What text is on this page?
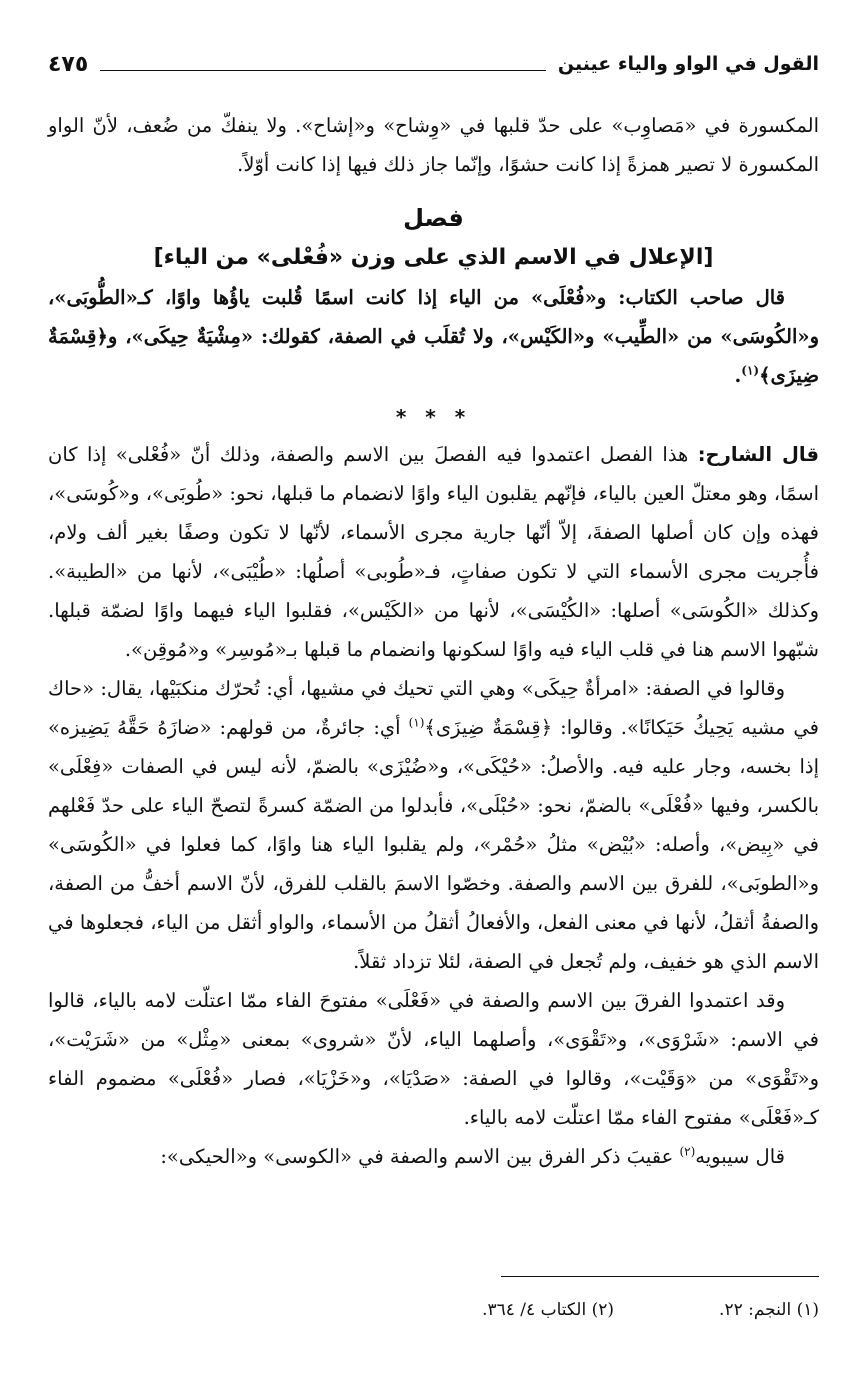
القول في الواو والياء عينين
٤٧٥

المكسورة في «مَصاوِب» على حدّ قلبها في «وِشاح» و«إشاح». ولا ينفكّ من ضُعف، لأنّ الواو المكسورة لا تصير همزةً إذا كانت حشوًا، وإنّما جاز ذلك فيها إذا كانت أوّلاً.

فصل
[الإعلال في الاسم الذي على وزن «فُعْلى» من الياء]

قال صاحب الكتاب: و«فُعْلَى» من الياء إذا كانت اسمًا قُلبت ياؤُها واوًا، كـ«الطُّوبَى»، و«الكُوسَى» من «الطِّيب» و«الكَيْس»، ولا تُقلَب في الصفة، كقولك: «مِشْيَةٌ حِيكَى»، و﴿قِسْمَةٌ ضِيزَى﴾$^{(١)}$.

* * *

قال الشارح: هذا الفصل اعتمدوا فيه الفصلَ بين الاسم والصفة، وذلك أنّ «فُعْلى» إذا كان اسمًا، وهو معتلّ العين بالياء، فإنّهم يقلبون الياء واوًا لانضمام ما قبلها، نحو: «طُوبَى»، و«كُوسَى»، فهذه وإن كان أصلها الصفةَ، إلاّ أنّها جارية مجرى الأسماء، لأنّها لا تكون وصفًا بغير ألف ولام، فأُجريت مجرى الأسماء التي لا تكون صفاتٍ، فـ«طُوبى» أصلُها: «طُيْبَى»، لأنها من «الطيبة». وكذلك «الكُوسَى» أصلها: «الكُيْسَى»، لأنها من «الكَيْس»، فقلبوا الياء فيهما واوًا لضمّة قبلها. شبّهوا الاسم هنا في قلب الياء فيه واوًا لسكونها وانضمام ما قبلها بـ«مُوسِر» و«مُوقِن».

وقالوا في الصفة: «امرأةٌ حِيكَى» وهي التي تحيك في مشيها، أي: تُحرّك منكبَيْها، يقال: «حاك في مشيه يَحِيكُ حَيَكانًا». وقالوا: ﴿قِسْمَةٌ ضِيزَى﴾$^{(١)}$ أي: جائرةٌ، من قولهم: «ضازَهُ حَقَّهُ يَضِيزه» إذا بخسه، وجار عليه فيه. والأصلُ: «حُيْكَى»، و«ضُيْزَى» بالضمّ، لأنه ليس في الصفات «فِعْلَى» بالكسر، وفيها «فُعْلَى» بالضمّ، نحو: «حُبْلَى»، فأبدلوا من الضمّة كسرةً لتصحّ الياء على حدّ فَعْلهم في «بِيض»، وأصله: «بُيْض» مثلُ «حُمْر»، ولم يقلبوا الياء هنا واوًا، كما فعلوا في «الكُوسَى» و«الطوبَى»، للفرق بين الاسم والصفة. وخصّوا الاسمَ بالقلب للفرق، لأنّ الاسم أخفُّ من الصفة، والصفةُ أثقلُ، لأنها في معنى الفعل، والأفعالُ أثقلُ من الأسماء، والواو أثقل من الياء، فجعلوها في الاسم الذي هو خفيف، ولم تُجعل في الصفة، لئلا تزداد ثقلاً.

وقد اعتمدوا الفرقَ بين الاسم والصفة في «فَعْلَى» مفتوحَ الفاء ممّا اعتلّت لامه بالياء، قالوا في الاسم: «شَرْوَى»، و«تَقْوَى»، وأصلهما الياء، لأنّ «شروى» بمعنى «مِثْل» من «شَرَيْت»، و«تَقْوَى» من «وَقَيْت»، وقالوا في الصفة: «صَدْيَا»، و«خَزْيَا»، فصار «فُعْلَى» مضموم الفاء كـ«فَعْلَى» مفتوح الفاء ممّا اعتلّت لامه بالياء.

قال سيبويه$^{(٢)}$ عقيبَ ذكر الفرق بين الاسم والصفة في «الكوسى» و«الحيكى»:

(١) النجم: ٢٢.
(٢) الكتاب ٤/ ٣٦٤.
